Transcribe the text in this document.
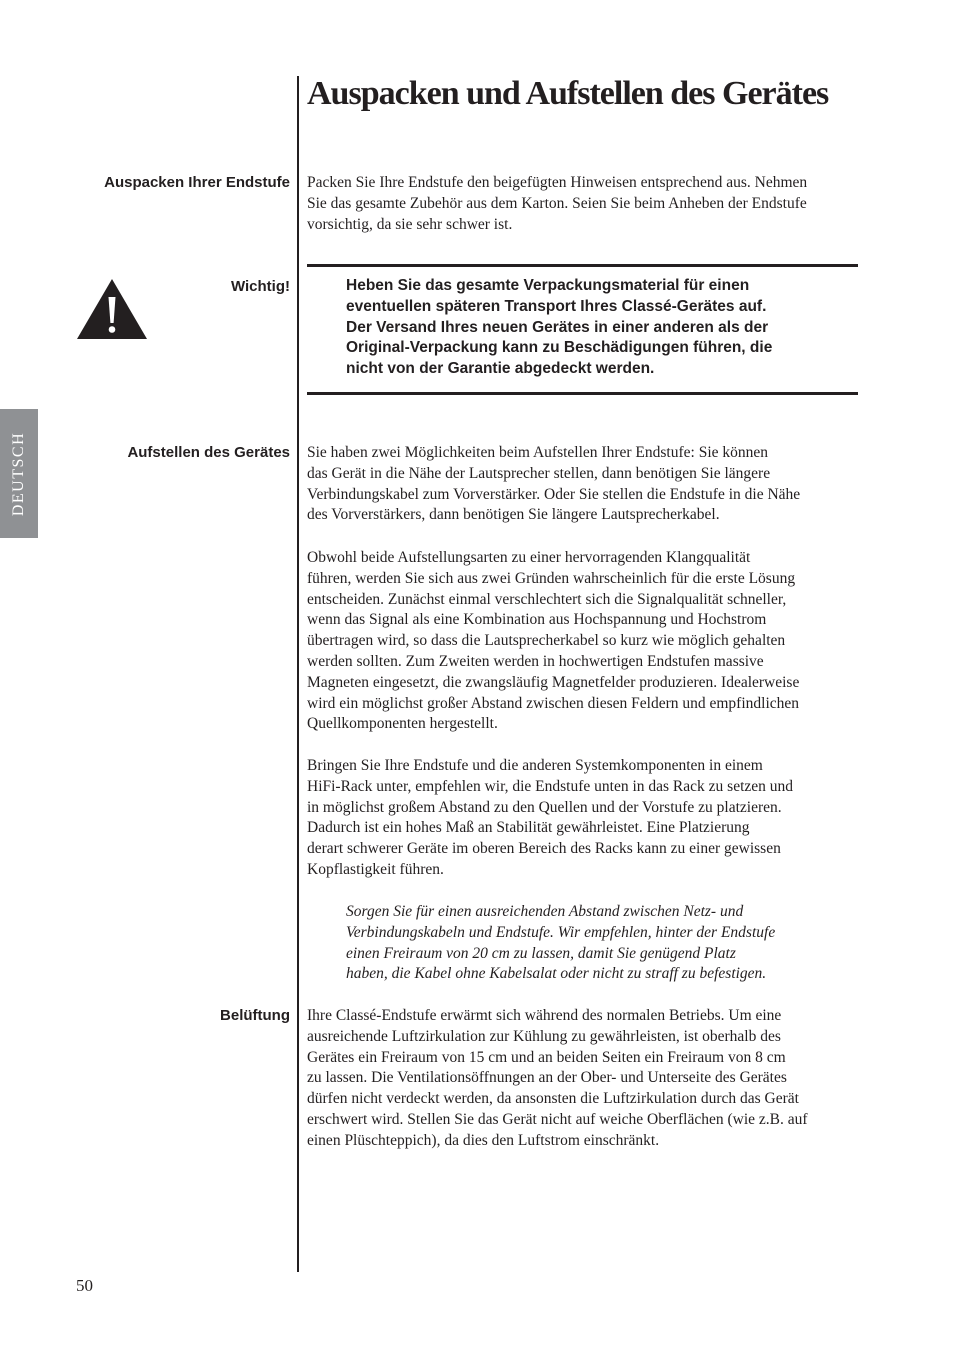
Auspacken und Aufstellen des Gerätes
DEUTSCH
Auspacken Ihrer Endstufe Packen Sie Ihre Endstufe den beigefügten Hinweisen entsprechend aus. Nehmen
Sie das gesamte Zubehör aus dem Karton. Seien Sie beim Anheben der Endstufe
vorsichtig, da sie sehr schwer ist.
Wichtig!	Heben Sie das gesamte Verpackungsmaterial für einen
eventuellen späteren Transport Ihres Classé-Gerätes auf.
Der Versand Ihres neuen Gerätes in einer anderen als der
Original-Verpackung kann zu Beschädigungen führen, die
nicht von der Garantie abgedeckt werden.
Aufstellen des Gerätes Sie haben zwei Möglichkeiten beim Aufstellen Ihrer Endstufe: Sie können
das Gerät in die Nähe der Lautsprecher stellen, dann benötigen Sie längere
Verbindungskabel zum Vorverstärker. Oder Sie stellen die Endstufe in die Nähe
des Vorverstärkers, dann benötigen Sie längere Lautsprecherkabel.
Obwohl beide Aufstellungsarten zu einer hervorragenden Klangqualität
führen, werden Sie sich aus zwei Gründen wahrscheinlich für die erste Lösung
entscheiden. Zunächst einmal verschlechtert sich die Signalqualität schneller,
wenn das Signal als eine Kombination aus Hochspannung und Hochstrom
übertragen wird, so dass die Lautsprecherkabel so kurz wie möglich gehalten
werden sollten. Zum Zweiten werden in hochwertigen Endstufen massive
Magneten eingesetzt, die zwangsläufig Magnetfelder produzieren. Idealerweise
wird ein möglichst großer Abstand zwischen diesen Feldern und empfindlichen
Quellkomponenten hergestellt.
Bringen Sie Ihre Endstufe und die anderen Systemkomponenten in einem
HiFi-Rack unter, empfehlen wir, die Endstufe unten in das Rack zu setzen und
in möglichst großem Abstand zu den Quellen und der Vorstufe zu platzieren.
Dadurch ist ein hohes Maß an Stabilität gewährleistet. Eine Platzierung
derart schwerer Geräte im oberen Bereich des Racks kann zu einer gewissen
Kopflastigkeit führen.
Sorgen Sie für einen ausreichenden Abstand zwischen Netz- und
Verbindungskabeln und Endstufe. Wir empfehlen, hinter der Endstufe
einen Freiraum von 20 cm zu lassen, damit Sie genügend Platz
haben, die Kabel ohne Kabelsalat oder nicht zu straff zu befestigen.
Belüftung Ihre Classé-Endstufe erwärmt sich während des normalen Betriebs. Um eine
ausreichende Luftzirkulation zur Kühlung zu gewährleisten, ist oberhalb des
Gerätes ein Freiraum von 15 cm und an beiden Seiten ein Freiraum von 8 cm
zu lassen. Die Ventilationsöffnungen an der Ober- und Unterseite des Gerätes
dürfen nicht verdeckt werden, da ansonsten die Luftzirkulation durch das Gerät
erschwert wird. Stellen Sie das Gerät nicht auf weiche Oberflächen (wie z.B. auf
einen Plüschteppich), da dies den Luftstrom einschränkt.
50
